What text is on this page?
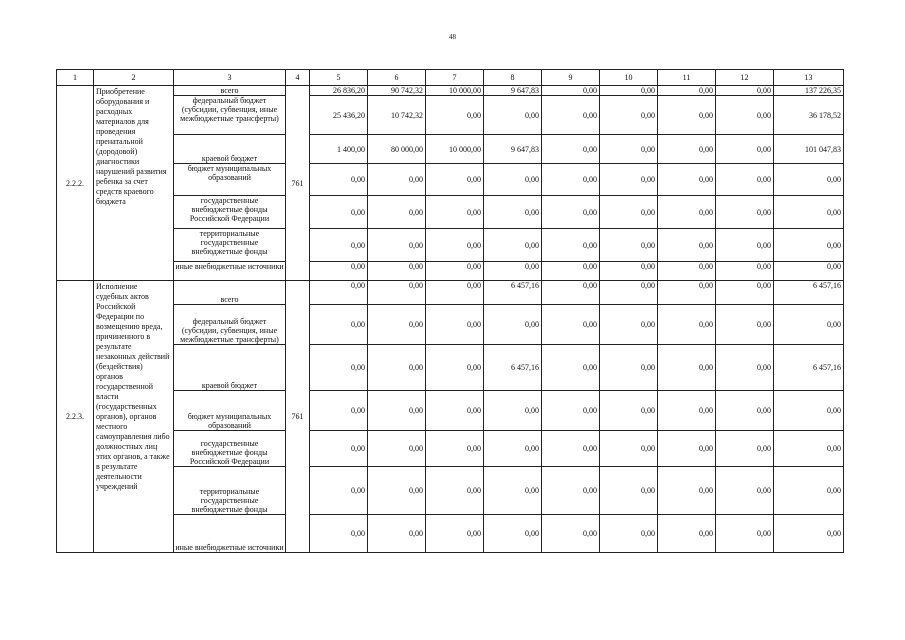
48
1	2	3	4	5	6	7	8	9	10	11	12	13
2.2.2.	Приобретение оборудования и расходных материалов для проведения пренатальной (дородовой) диагностики нарушений развития ребенка за счет средств краевого бюджета	всего	761	26 836,20	90 742,32	10 000,00	9 647,83	0,00	0,00	0,00	0,00	137 226,35
		федеральный бюджет (субсидии, субвенция, иные межбюджетные трансферты)		25 436,20	10 742,32	0,00	0,00	0,00	0,00	0,00	0,00	36 178,52
		краевой бюджет		1 400,00	80 000,00	10 000,00	9 647,83	0,00	0,00	0,00	0,00	101 047,83
		бюджет муниципальных образований		0,00	0,00	0,00	0,00	0,00	0,00	0,00	0,00	0,00
		государственные внебюджетные фонды Российской Федерации		0,00	0,00	0,00	0,00	0,00	0,00	0,00	0,00	0,00
		территориальные государственные внебюджетные фонды		0,00	0,00	0,00	0,00	0,00	0,00	0,00	0,00	0,00
		иные внебюджетные источники		0,00	0,00	0,00	0,00	0,00	0,00	0,00	0,00	0,00
2.2.3.	Исполнение судебных актов Российской Федерации по возмещению вреда, причиненного в результате незаконных действий (бездействия) органов государственной власти (государственных органов), органов местного самоуправления либо должностных лиц этих органов, а также в результате деятельности учреждений	всего	761	0,00	0,00	0,00	6 457,16	0,00	0,00	0,00	0,00	6 457,16
		федеральный бюджет (субсидии, субвенция, иные межбюджетные трансферты)		0,00	0,00	0,00	0,00	0,00	0,00	0,00	0,00	0,00
		краевой бюджет		0,00	0,00	0,00	6 457,16	0,00	0,00	0,00	0,00	6 457,16
		бюджет муниципальных образований		0,00	0,00	0,00	0,00	0,00	0,00	0,00	0,00	0,00
		государственные внебюджетные фонды Российской Федерации		0,00	0,00	0,00	0,00	0,00	0,00	0,00	0,00	0,00
		территориальные государственные внебюджетные фонды		0,00	0,00	0,00	0,00	0,00	0,00	0,00	0,00	0,00
		иные внебюджетные источники		0,00	0,00	0,00	0,00	0,00	0,00	0,00	0,00	0,00
